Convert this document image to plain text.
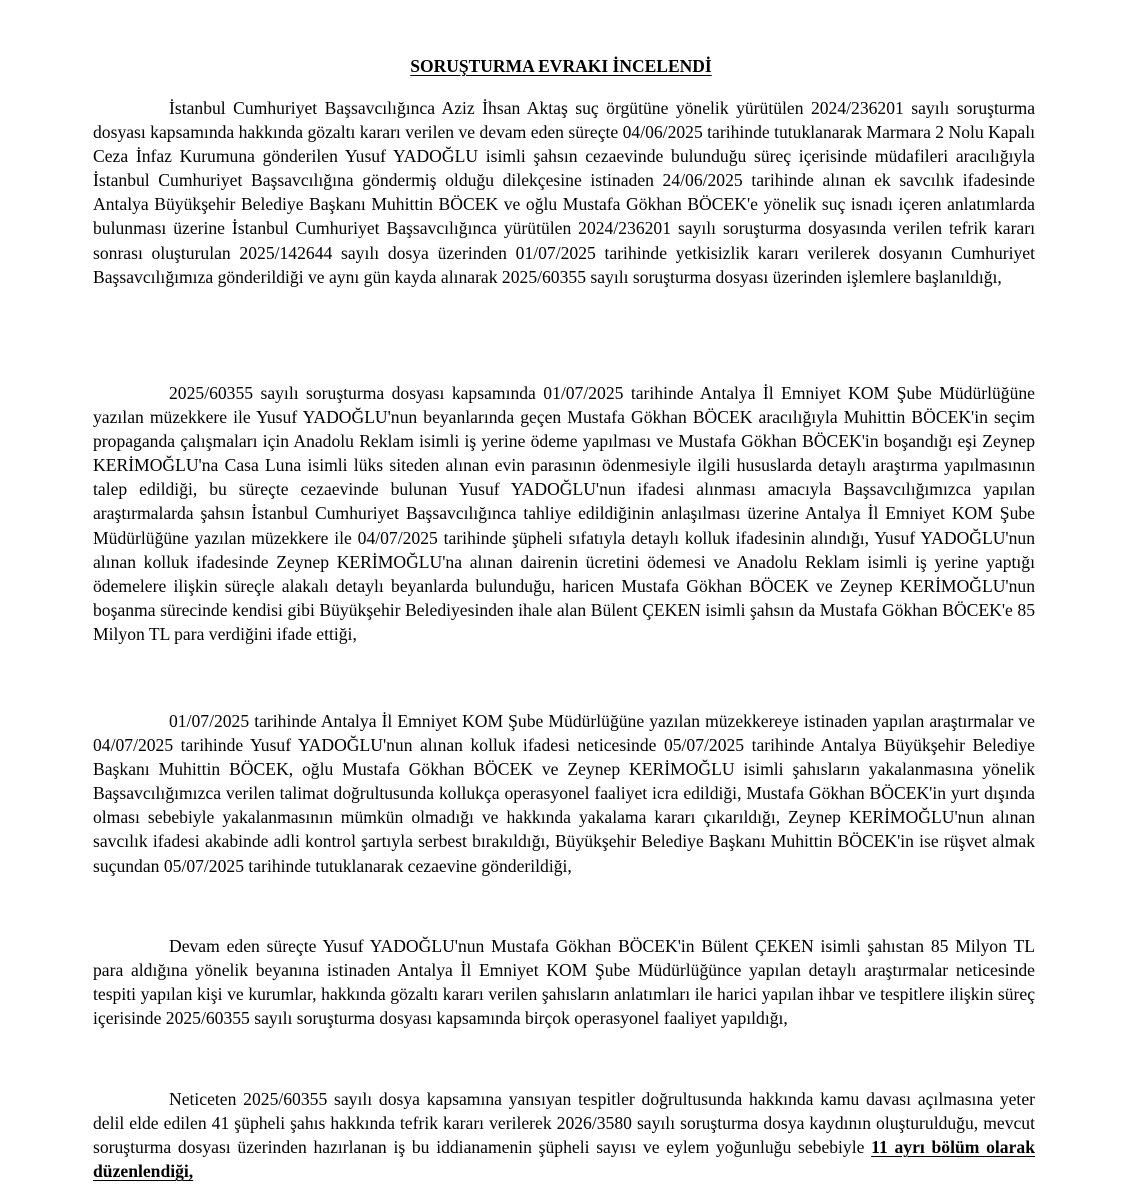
SORUŞTURMA EVRAKI İNCELENDİ

İstanbul Cumhuriyet Başsavcılığınca Aziz İhsan Aktaş suç örgütüne yönelik yürütülen 2024/236201 sayılı soruşturma dosyası kapsamında hakkında gözaltı kararı verilen ve devam eden süreçte 04/06/2025 tarihinde tutuklanarak Marmara 2 Nolu Kapalı Ceza İnfaz Kurumuna gönderilen Yusuf YADOĞLU isimli şahsın cezaevinde bulunduğu süreç içerisinde müdafileri aracılığıyla İstanbul Cumhuriyet Başsavcılığına göndermiş olduğu dilekçesine istinaden 24/06/2025 tarihinde alınan ek savcılık ifadesinde Antalya Büyükşehir Belediye Başkanı Muhittin BÖCEK ve oğlu Mustafa Gökhan BÖCEK'e yönelik suç isnadı içeren anlatımlarda bulunması üzerine İstanbul Cumhuriyet Başsavcılığınca yürütülen 2024/236201 sayılı soruşturma dosyasında verilen tefrik kararı sonrası oluşturulan 2025/142644 sayılı dosya üzerinden 01/07/2025 tarihinde yetkisizlik kararı verilerek dosyanın Cumhuriyet Başsavcılığımıza gönderildiği ve aynı gün kayda alınarak 2025/60355 sayılı soruşturma dosyası üzerinden işlemlere başlanıldığı,

2025/60355 sayılı soruşturma dosyası kapsamında 01/07/2025 tarihinde Antalya İl Emniyet KOM Şube Müdürlüğüne yazılan müzekkere ile Yusuf YADOĞLU'nun beyanlarında geçen Mustafa Gökhan BÖCEK aracılığıyla Muhittin BÖCEK'in seçim propaganda çalışmaları için Anadolu Reklam isimli iş yerine ödeme yapılması ve Mustafa Gökhan BÖCEK'in boşandığı eşi Zeynep KERİMOĞLU'na Casa Luna isimli lüks siteden alınan evin parasının ödenmesiyle ilgili hususlarda detaylı araştırma yapılmasının talep edildiği, bu süreçte cezaevinde bulunan Yusuf YADOĞLU'nun ifadesi alınması amacıyla Başsavcılığımızca yapılan araştırmalarda şahsın İstanbul Cumhuriyet Başsavcılığınca tahliye edildiğinin anlaşılması üzerine Antalya İl Emniyet KOM Şube Müdürlüğüne yazılan müzekkere ile 04/07/2025 tarihinde şüpheli sıfatıyla detaylı kolluk ifadesinin alındığı, Yusuf YADOĞLU'nun alınan kolluk ifadesinde Zeynep KERİMOĞLU'na alınan dairenin ücretini ödemesi ve Anadolu Reklam isimli iş yerine yaptığı ödemelere ilişkin süreçle alakalı detaylı beyanlarda bulunduğu, haricen Mustafa Gökhan BÖCEK ve Zeynep KERİMOĞLU'nun boşanma sürecinde kendisi gibi Büyükşehir Belediyesinden ihale alan Bülent ÇEKEN isimli şahsın da Mustafa Gökhan BÖCEK'e 85 Milyon TL para verdiğini ifade ettiği,

01/07/2025 tarihinde Antalya İl Emniyet KOM Şube Müdürlüğüne yazılan müzekkereye istinaden yapılan araştırmalar ve 04/07/2025 tarihinde Yusuf YADOĞLU'nun alınan kolluk ifadesi neticesinde 05/07/2025 tarihinde Antalya Büyükşehir Belediye Başkanı Muhittin BÖCEK, oğlu Mustafa Gökhan BÖCEK ve Zeynep KERİMOĞLU isimli şahısların yakalanmasına yönelik Başsavcılığımızca verilen talimat doğrultusunda kollukça operasyonel faaliyet icra edildiği, Mustafa Gökhan BÖCEK'in yurt dışında olması sebebiyle yakalanmasının mümkün olmadığı ve hakkında yakalama kararı çıkarıldığı, Zeynep KERİMOĞLU'nun alınan savcılık ifadesi akabinde adli kontrol şartıyla serbest bırakıldığı, Büyükşehir Belediye Başkanı Muhittin BÖCEK'in ise rüşvet almak suçundan 05/07/2025 tarihinde tutuklanarak cezaevine gönderildiği,

Devam eden süreçte Yusuf YADOĞLU'nun Mustafa Gökhan BÖCEK'in Bülent ÇEKEN isimli şahıstan 85 Milyon TL para aldığına yönelik beyanına istinaden Antalya İl Emniyet KOM Şube Müdürlüğünce yapılan detaylı araştırmalar neticesinde tespiti yapılan kişi ve kurumlar, hakkında gözaltı kararı verilen şahısların anlatımları ile harici yapılan ihbar ve tespitlere ilişkin süreç içerisinde 2025/60355 sayılı soruşturma dosyası kapsamında birçok operasyonel faaliyet yapıldığı,

Neticeten 2025/60355 sayılı dosya kapsamına yansıyan tespitler doğrultusunda hakkında kamu davası açılmasına yeter delil elde edilen 41 şüpheli şahıs hakkında tefrik kararı verilerek 2026/3580 sayılı soruşturma dosya kaydının oluşturulduğu, mevcut soruşturma dosyası üzerinden hazırlanan iş bu iddianamenin şüpheli sayısı ve eylem yoğunluğu sebebiyle 11 ayrı bölüm olarak düzenlendiği,
